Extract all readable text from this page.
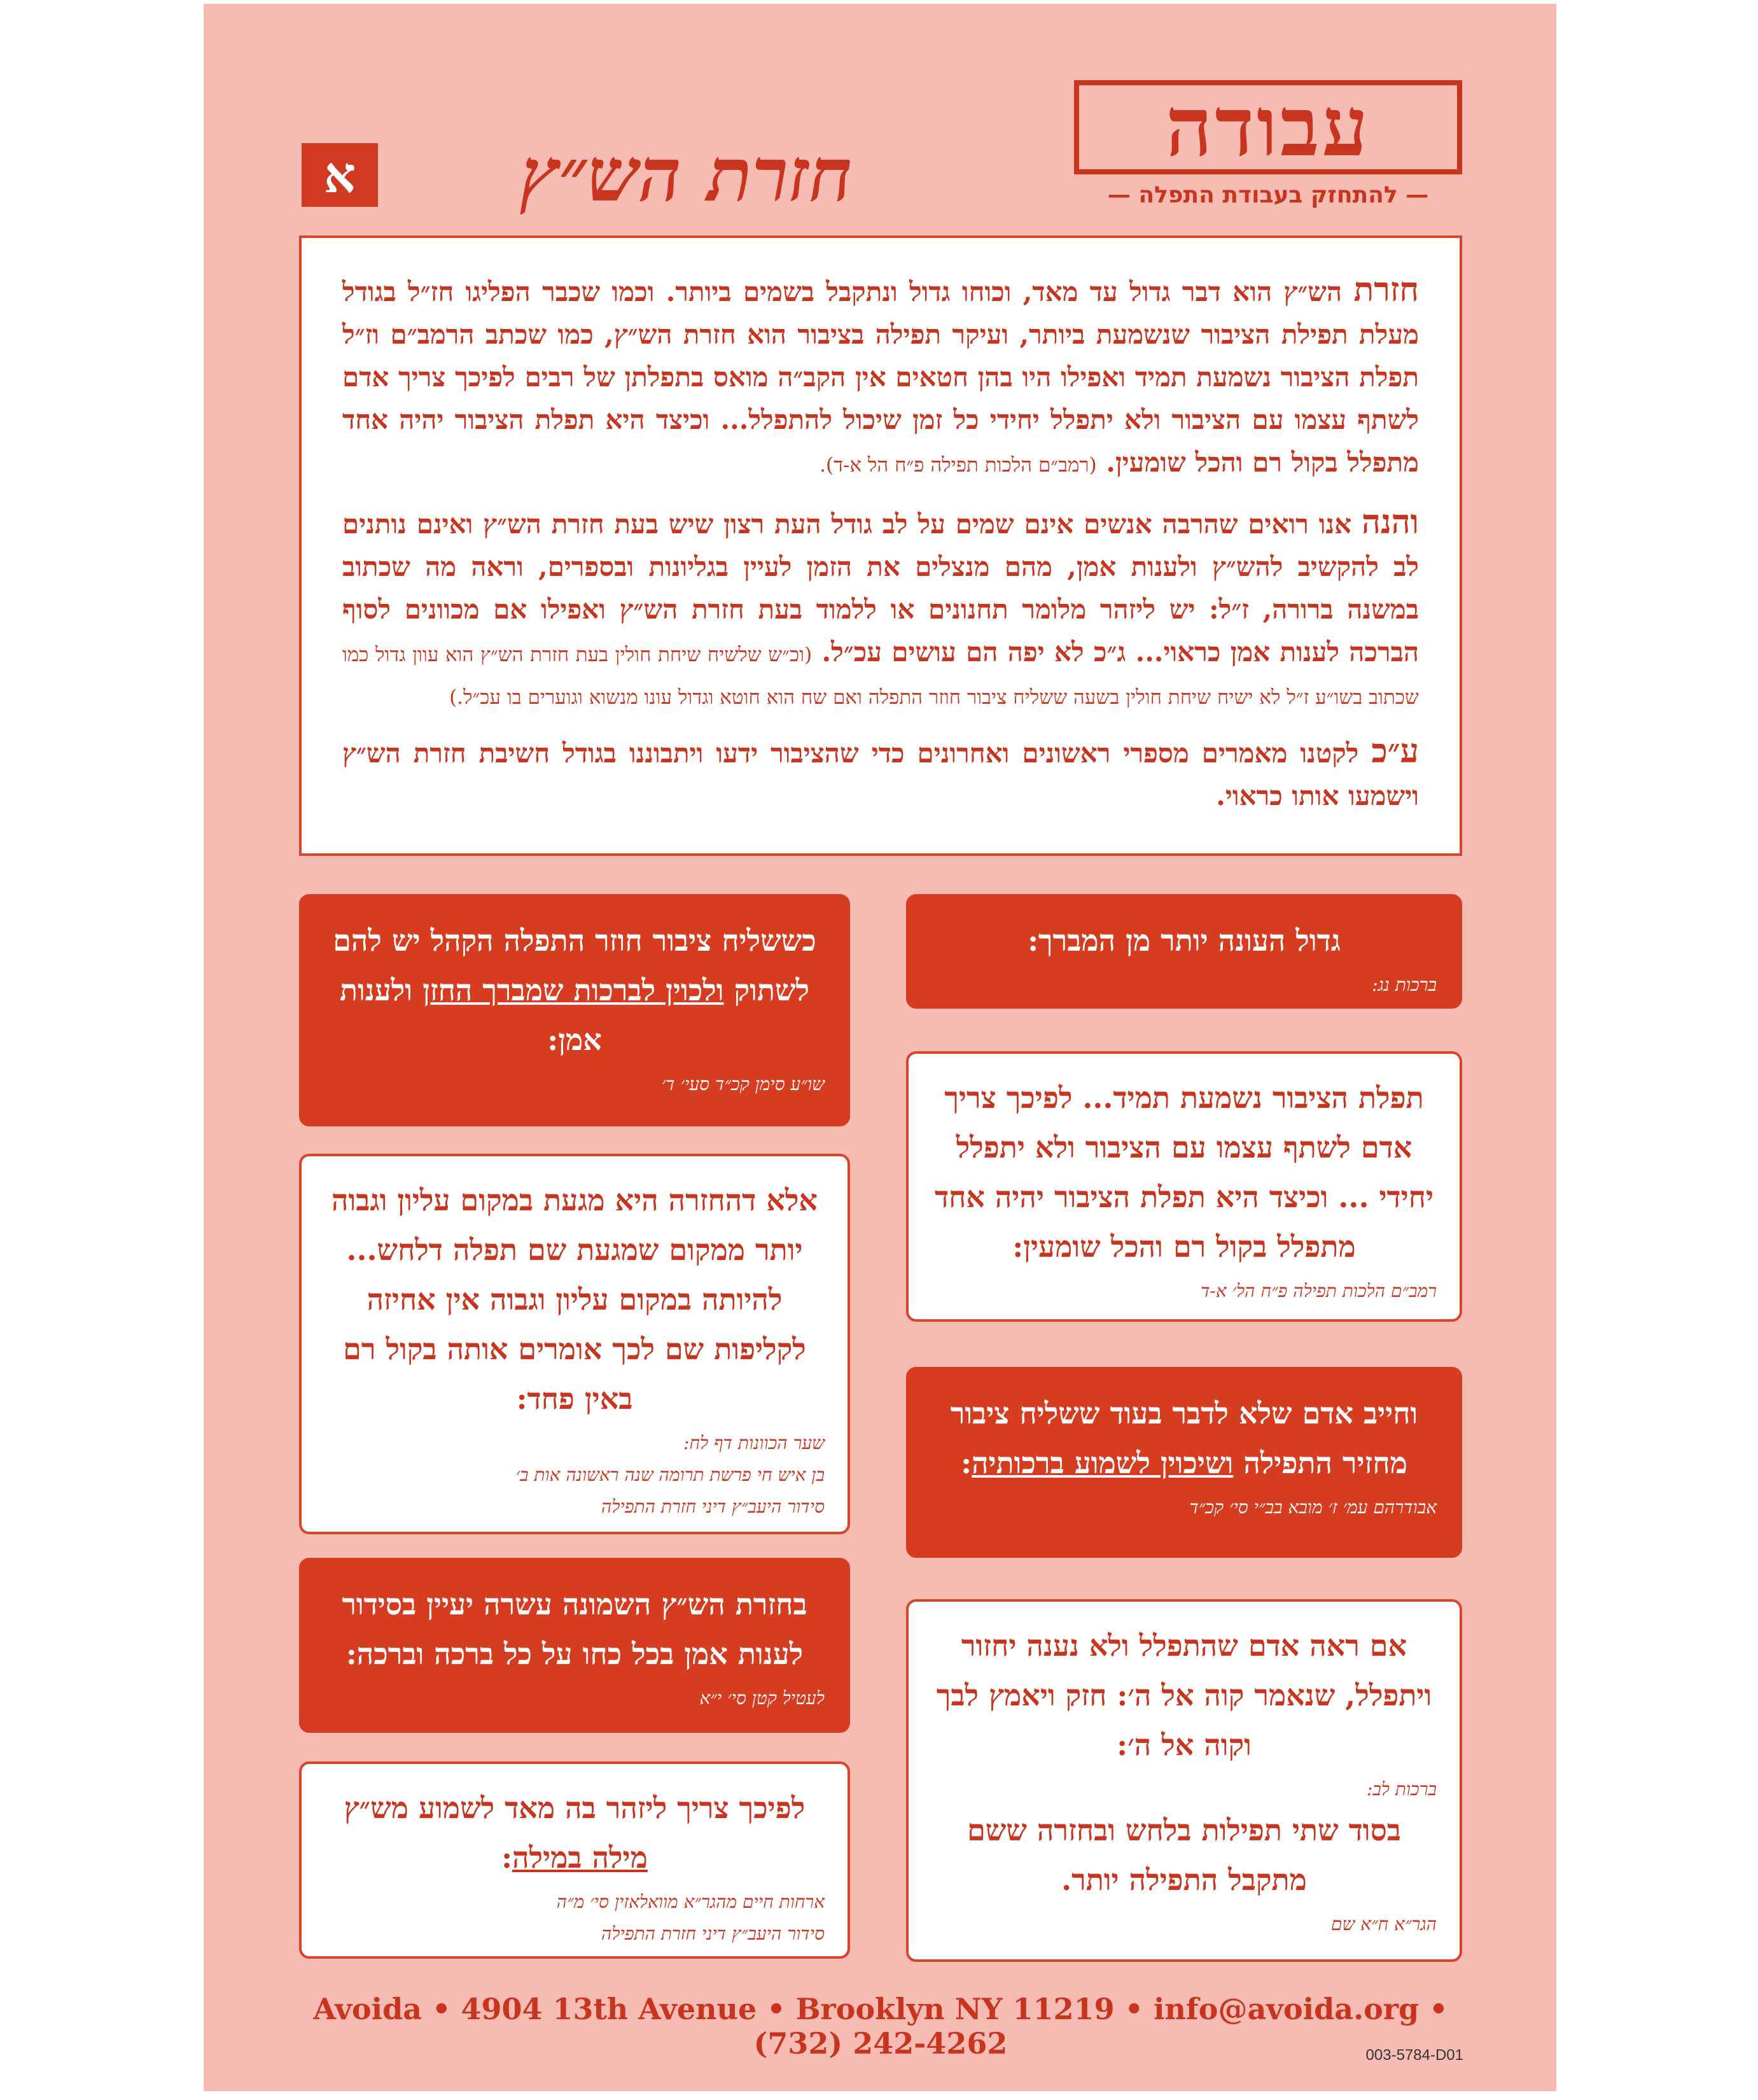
א	חזרת הש״ץ	עבודה
— להתחזק בעבודת התפלה —

חזרת הש״ץ הוא דבר גדול עד מאד, וכוחו גדול ונתקבל בשמים ביותר. וכמו שכבר הפליגו חז״ל בגודל מעלת תפילת הציבור שנשמעת ביותר, ועיקר תפילה בציבור הוא חזרת הש״ץ, כמו שכתב הרמב״ם וז״ל תפלת הציבור נשמעת תמיד ואפילו היו בהן חטאים אין הקב״ה מואס בתפלתן של רבים לפיכך צריך אדם לשתף עצמו עם הציבור ולא יתפלל יחידי כל זמן שיכול להתפלל... וכיצד היא תפלת הציבור יהיה אחד מתפלל בקול רם והכל שומעין. (רמב״ם הלכות תפילה פ״ח הל א-ד).

והנה אנו רואים שהרבה אנשים אינם שמים על לב גודל העת רצון שיש בעת חזרת הש״ץ ואינם נותנים לב להקשיב להש״ץ ולענות אמן, מהם מנצלים את הזמן לעיין בגליונות ובספרים, וראה מה שכתוב במשנה ברורה, ז״ל: יש ליזהר מלומר תחנונים או ללמוד בעת חזרת הש״ץ ואפילו אם מכוונים לסוף הברכה לענות אמן כראוי... ג״כ לא יפה הם עושים עכ״ל. (וכ״ש שלשיח שיחת חולין בעת חזרת הש״ץ הוא עוון גדול כמו שכתוב בשו״ע ז״ל לא ישיח שיחת חולין בשעה ששליח ציבור חוזר התפלה ואם שח הוא חוטא וגדול עונו מנשוא וגוערים בו עכ״ל.)

ע״כ לקטנו מאמרים מספרי ראשונים ואחרונים כדי שהציבור ידעו ויתבוננו בגודל חשיבת חזרת הש״ץ וישמעו אותו כראוי.

גדול העונה יותר מן המברך:

ברכות נג:

תפלת הציבור נשמעת תמיד... לפיכך צריך אדם לשתף עצמו עם הציבור ולא יתפלל יחידי ... וכיצד היא תפלת הציבור יהיה אחד מתפלל בקול רם והכל שומעין:

רמב״ם הלכות תפילה פ״ח הל׳ א-ד

וחייב אדם שלא לדבר בעוד ששליח ציבור מחזיר התפילה ושיכוין לשמוע ברכותיה:

אבודרהם עמ׳ ז׳ מובא בב״י סי׳ קכ״ד

אם ראה אדם שהתפלל ולא נענה יחזור ויתפלל, שנאמר קוה אל ה׳: חזק ויאמץ לבך וקוה אל ה׳:

ברכות לב:

בסוד שתי תפילות בלחש ובחזרה ששם מתקבל התפילה יותר.

הגר״א ח״א שם

כששליח ציבור חוזר התפלה הקהל יש להם לשתוק ולכוין לברכות שמברך החזן ולענות אמן:

שו״ע סימן קכ״ד סעי׳ ד׳

אלא דהחזרה היא מגעת במקום עליון וגבוה יותר ממקום שמגעת שם תפלה דלחש... להיותה במקום עליון וגבוה אין אחיזה לקליפות שם לכך אומרים אותה בקול רם באין פחד:

שער הכוונות דף לח:

בן איש חי פרשת תרומה שנה ראשונה אות ב׳

סידור היעב״ץ דיני חזרת התפילה

בחזרת הש״ץ השמונה עשרה יעיין בסידור לענות אמן בכל כחו על כל ברכה וברכה:

לעטיל קטן סי׳ י״א

לפיכך צריך ליזהר בה מאד לשמוע מש״ץ מילה במילה:

ארחות חיים מהגר״א מוואלאזין סי׳ מ״ה

סידור היעב״ץ דיני חזרת התפילה

Avoida • 4904 13th Avenue • Brooklyn NY 11219 • info@avoida.org • (732) 242-4262	003-5784-D01
